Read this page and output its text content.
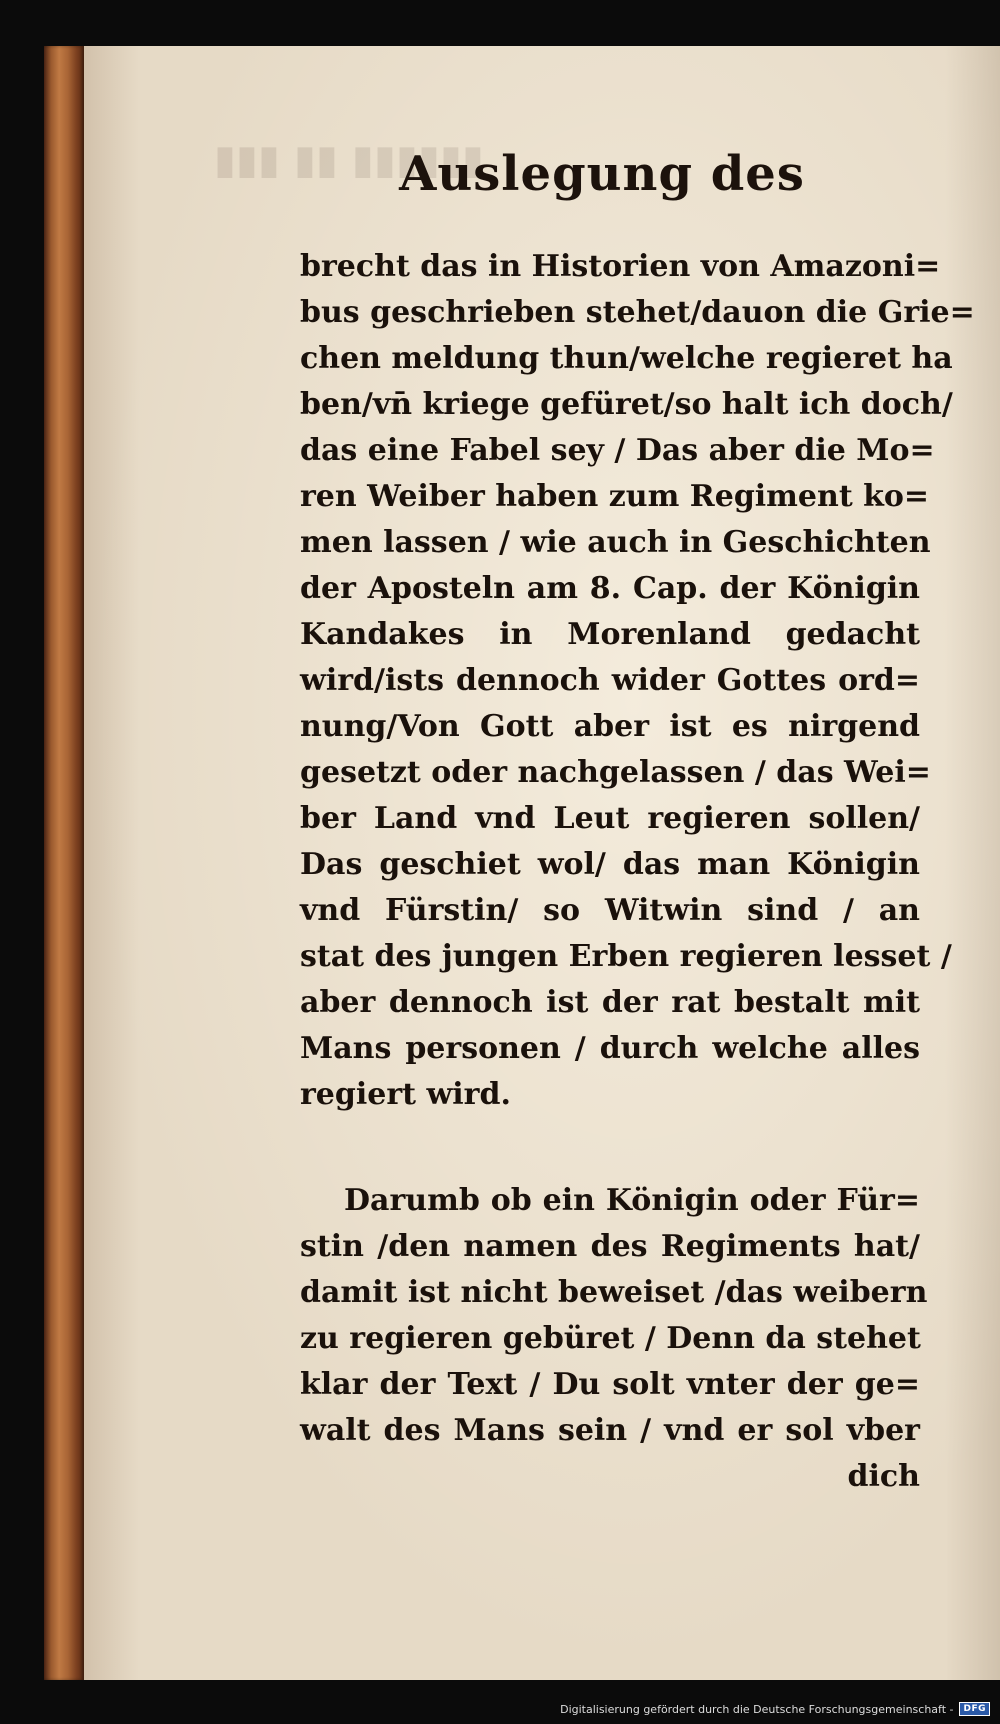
▮▮▮▮▮▮ ▮▮ ▮▮▮
Auslegung des
brecht das in Historien von Amazoni=
bus geschrieben stehet/dauon die Grie=
chen meldung thun/welche regieret ha
ben/vn̄ kriege gefüret/so halt ich doch/
das eine Fabel sey / Das aber die Mo=
ren Weiber haben zum Regiment ko=
men lassen / wie auch in Geschichten
der Aposteln am 8. Cap. der Königin
Kandakes in Morenland gedacht
wird/ists dennoch wider Gottes ord=
nung/Von Gott aber ist es nirgend
gesetzt oder nachgelassen / das Wei=
ber Land vnd Leut regieren sollen/
Das geschiet wol/ das man Königin
vnd Fürstin/ so Witwin sind / an
stat des jungen Erben regieren lesset /
aber dennoch ist der rat bestalt mit
Mans personen / durch welche alles
regiert wird.
Darumb ob ein Königin oder Für=
stin /den namen des Regiments hat/
damit ist nicht beweiset /das weibern
zu regieren gebüret / Denn da stehet
klar der Text / Du solt vnter der ge=
walt des Mans sein / vnd er sol vber
dich
Digitalisierung gefördert durch die Deutsche Forschungsgemeinschaft -	DFG
